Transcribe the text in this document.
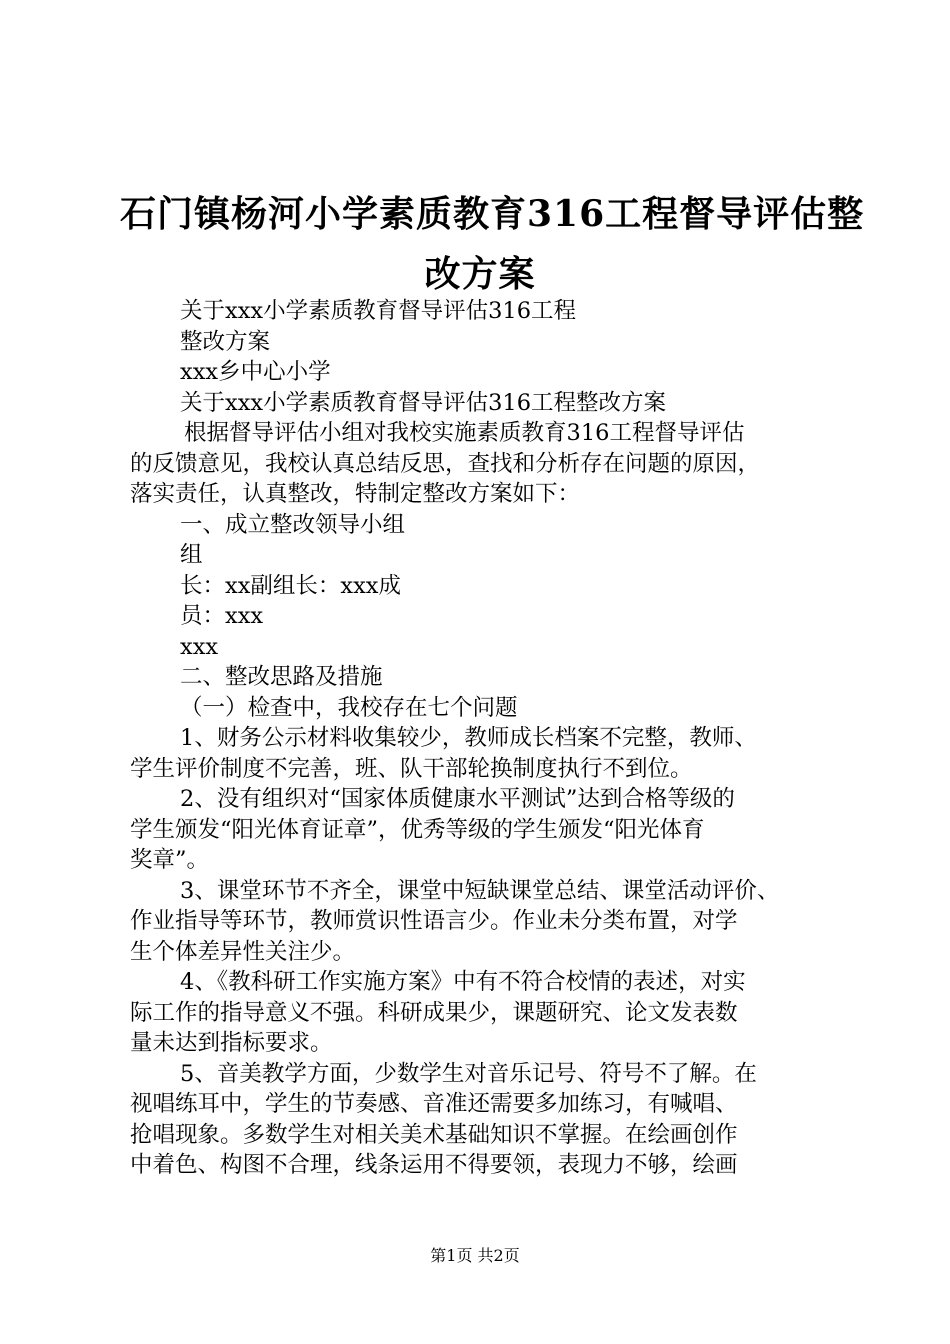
石门镇杨河小学素质教育316工程督导评估整
改方案
关于xxx小学素质教育督导评估316工程
整改方案
xxx乡中心小学
关于xxx小学素质教育督导评估316工程整改方案
根据督导评估小组对我校实施素质教育316工程督导评估
的反馈意见，我校认真总结反思，查找和分析存在问题的原因，
落实责任，认真整改，特制定整改方案如下：
一、成立整改领导小组
组
长：xx副组长：xxx成
员：xxx
xxx
二、整改思路及措施
（一）检查中，我校存在七个问题
1、财务公示材料收集较少，教师成长档案不完整，教师、
学生评价制度不完善，班、队干部轮换制度执行不到位。
2、没有组织对“国家体质健康水平测试”达到合格等级的
学生颁发“阳光体育证章”，优秀等级的学生颁发“阳光体育
奖章”。
3、课堂环节不齐全，课堂中短缺课堂总结、课堂活动评价、
作业指导等环节，教师赏识性语言少。作业未分类布置，对学
生个体差异性关注少。
4、《教科研工作实施方案》中有不符合校情的表述，对实
际工作的指导意义不强。科研成果少，课题研究、论文发表数
量未达到指标要求。
5、音美教学方面，少数学生对音乐记号、符号不了解。在
视唱练耳中，学生的节奏感、音准还需要多加练习，有喊唱、
抢唱现象。多数学生对相关美术基础知识不掌握。在绘画创作
中着色、构图不合理，线条运用不得要领，表现力不够，绘画
第1页 共2页
